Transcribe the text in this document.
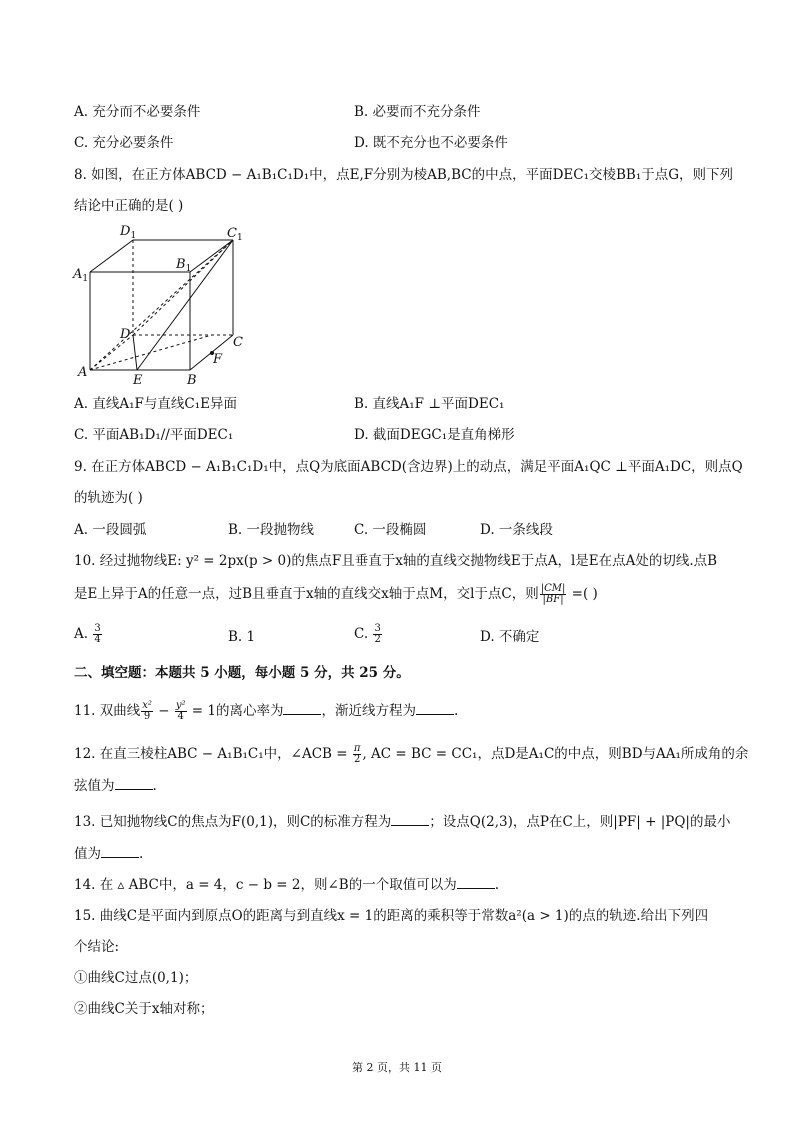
A. 充分而不必要条件	B. 必要而不充分条件
C. 充分必要条件	D. 既不充分也不必要条件
8. 如图，在正方体ABCD − A₁B₁C₁D₁中，点E,F分别为棱AB,BC的中点，平面DEC₁交棱BB₁于点G，则下列
结论中正确的是( )
$D_1$	$C_1$
$A_1$
$B_1$
D
C
A
E	B
F
A. 直线A₁F与直线C₁E异面	B. 直线A₁F ⊥平面DEC₁
C. 平面AB₁D₁//平面DEC₁	D. 截面DEGC₁是直角梯形
9. 在正方体ABCD − A₁B₁C₁D₁中，点Q为底面ABCD(含边界)上的动点，满足平面A₁QC ⊥平面A₁DC，则点Q
的轨迹为( )
A. 一段圆弧	B. 一段抛物线	C. 一段椭圆	D. 一条线段
10. 经过抛物线E: y² = 2px(p > 0)的焦点F且垂直于x轴的直线交抛物线E于点A，l是E在点A处的切线.点B
是E上异于A的任意一点，过B且垂直于x轴的直线交x轴于点M，交l于点C，则 $\frac{|CM|}{|BF|}$ =( )
A. $\frac{3}{4}$	B. 1	C. $\frac{3}{2}$	D. 不确定
二、填空题：本题共 5 小题，每小题 5 分，共 25 分。
11. 双曲线 $\frac{\text{x²}}{9} - \frac{\text{y²}}{4} = 1$的离心率为	，渐近线方程为	.
12. 在直三棱柱ABC − A₁B₁C₁中，∠ACB = $\frac{\pi}{2}$ , AC = BC = CC₁，点D是A₁C的中点，则BD与AA₁所成角的余
弦值为	.
13. 已知抛物线C的焦点为F(0,1)，则C的标准方程为	；设点Q(2,3)，点P在C上，则|PF| + |PQ|的最小
值为	.
14. 在 ▵ ABC中，a = 4，c − b = 2，则∠B的一个取值可以为	.
15. 曲线C是平面内到原点O的距离与到直线x = 1的距离的乘积等于常数a²(a > 1)的点的轨迹.给出下列四
个结论:
①曲线C过点(0,1)；
②曲线C关于x轴对称；
第 2 页，共 11 页
